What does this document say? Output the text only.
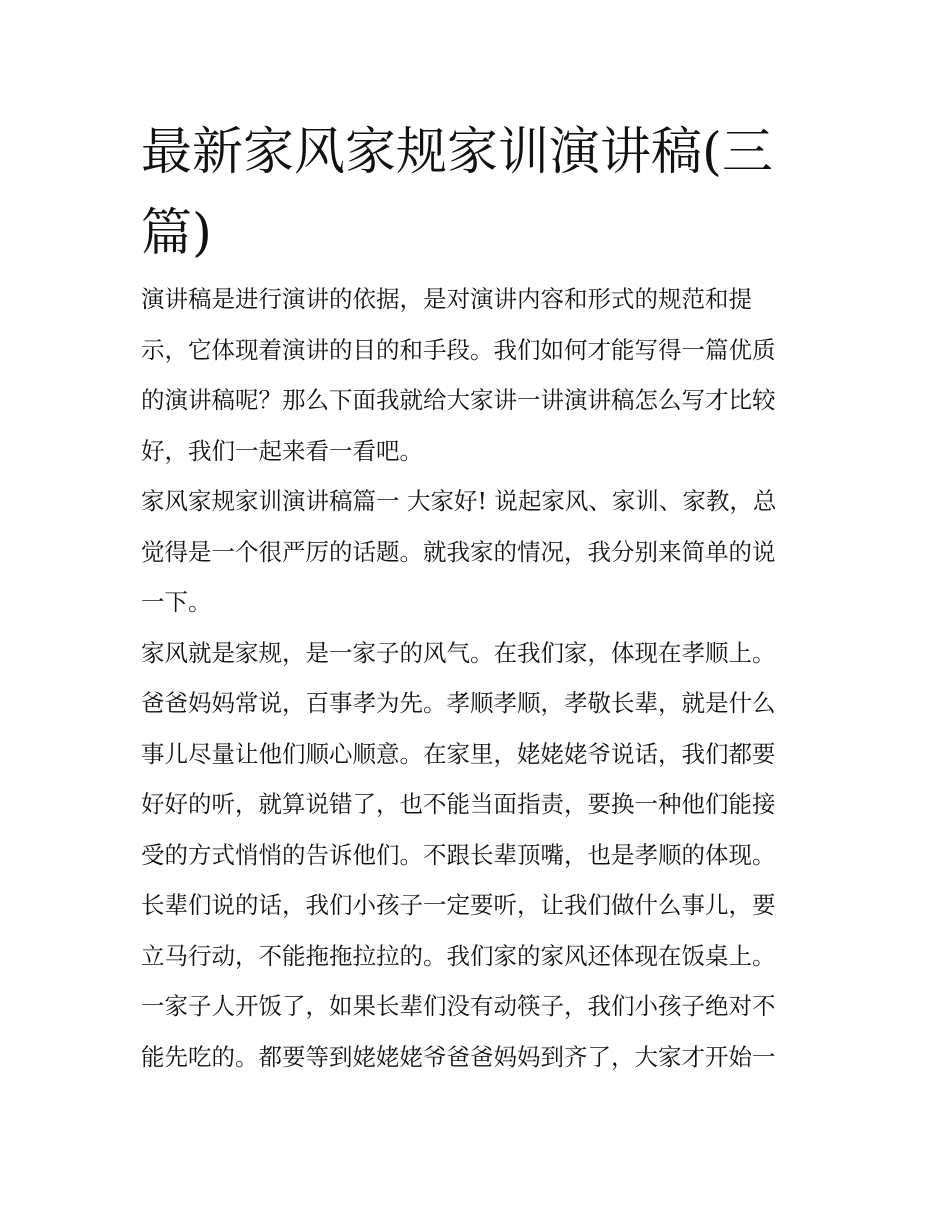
最新家风家规家训演讲稿(三
篇)
演讲稿是进行演讲的依据，是对演讲内容和形式的规范和提
示，它体现着演讲的目的和手段。我们如何才能写得一篇优质
的演讲稿呢？那么下面我就给大家讲一讲演讲稿怎么写才比较
好，我们一起来看一看吧。
家风家规家训演讲稿篇一 大家好! 说起家风、家训、家教，总
觉得是一个很严厉的话题。就我家的情况，我分别来简单的说
一下。
家风就是家规，是一家子的风气。在我们家，体现在孝顺上。
爸爸妈妈常说，百事孝为先。孝顺孝顺，孝敬长辈，就是什么
事儿尽量让他们顺心顺意。在家里，姥姥姥爷说话，我们都要
好好的听，就算说错了，也不能当面指责，要换一种他们能接
受的方式悄悄的告诉他们。不跟长辈顶嘴，也是孝顺的体现。
长辈们说的话，我们小孩子一定要听，让我们做什么事儿，要
立马行动，不能拖拖拉拉的。我们家的家风还体现在饭桌上。
一家子人开饭了，如果长辈们没有动筷子，我们小孩子绝对不
能先吃的。都要等到姥姥姥爷爸爸妈妈到齐了，大家才开始一
